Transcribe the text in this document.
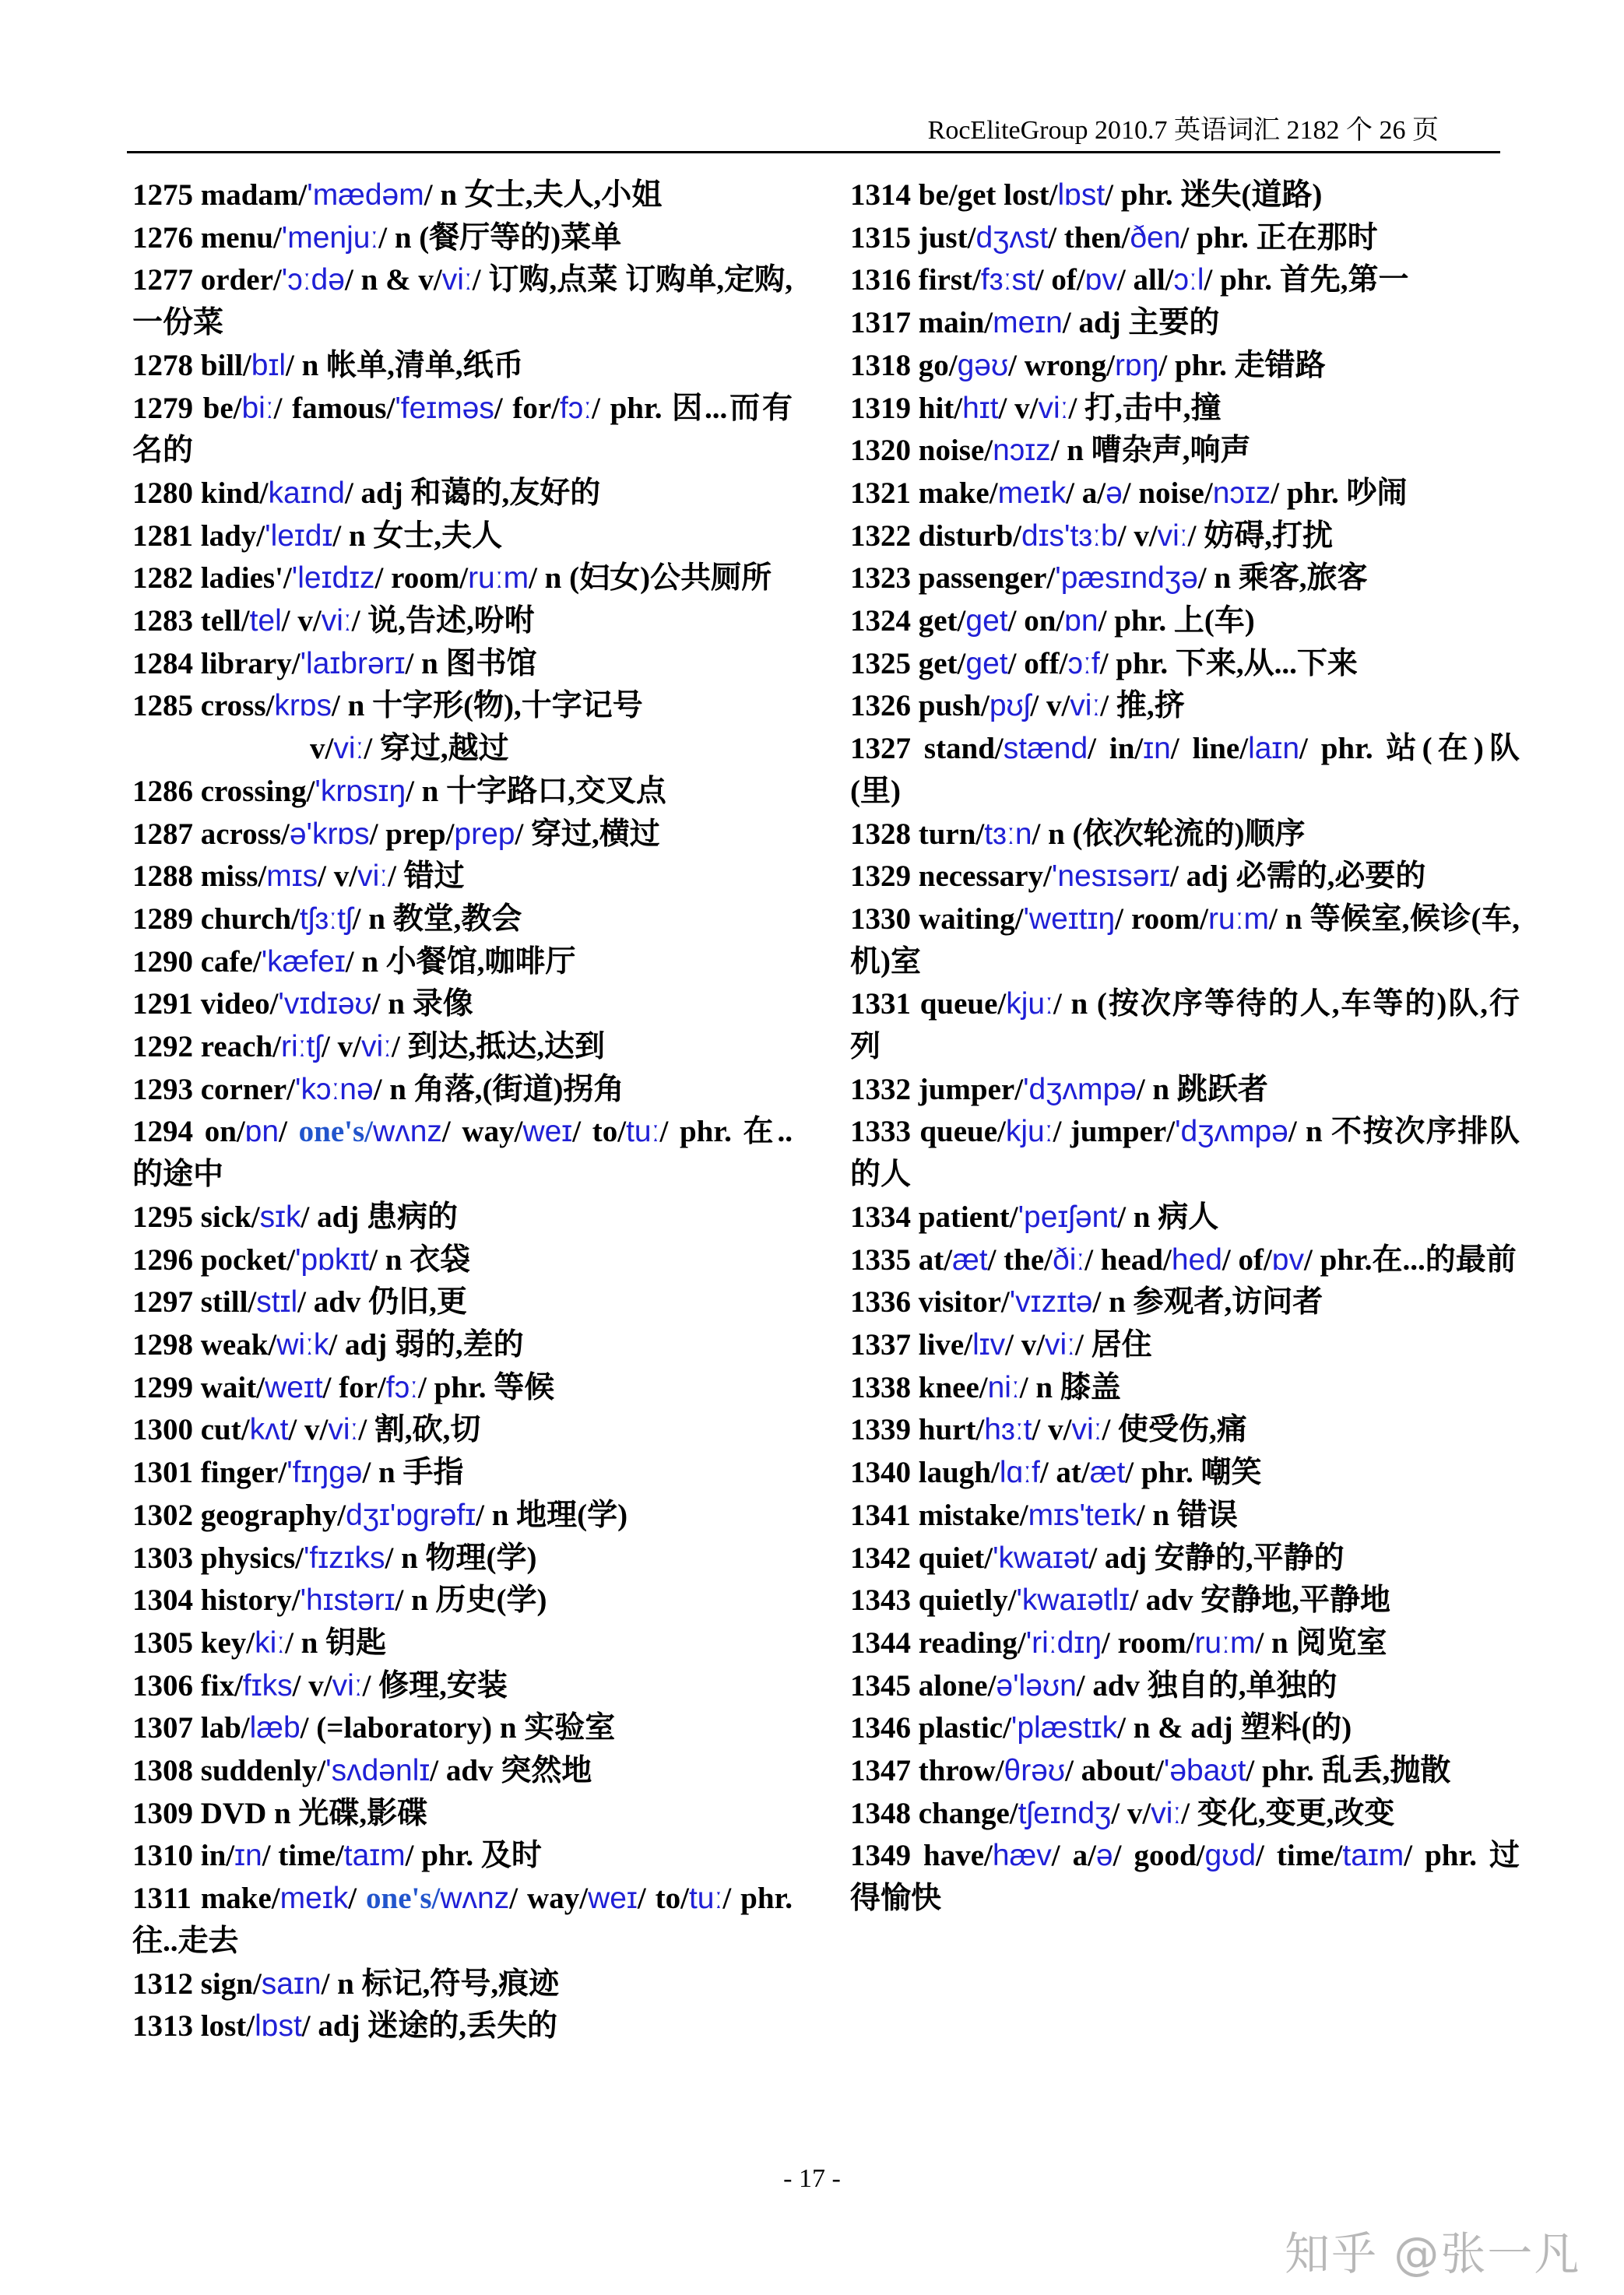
RocEliteGroup 2010.7 英语词汇 2182 个 26 页
1275 madam/'mædəm/ n 女士,夫人,小姐
1276 menu/'menjuː/ n (餐厅等的)菜单
1277 order/'ɔːdə/ n & v/viː/ 订购,点菜 订购单,定购,一份菜
1278 bill/bɪl/ n 帐单,清单,纸币
1279 be/biː/ famous/'feɪməs/ for/fɔː/ phr. 因...而有名的
1280 kind/kaɪnd/ adj 和蔼的,友好的
1281 lady/'leɪdɪ/ n 女士,夫人
1282 ladies'/'leɪdɪz/ room/ruːm/ n (妇女)公共厕所
1283 tell/tel/ v/viː/ 说,告述,吩咐
1284 library/'laɪbrərɪ/ n 图书馆
1285 cross/krɒs/ n 十字形(物),十字记号
v/viː/ 穿过,越过
1286 crossing/'krɒsɪŋ/ n 十字路口,交叉点
1287 across/ə'krɒs/ prep/prep/ 穿过,横过
1288 miss/mɪs/ v/viː/ 错过
1289 church/tʃɜːtʃ/ n 教堂,教会
1290 cafe/'kæfeɪ/ n 小餐馆,咖啡厅
1291 video/'vɪdɪəʊ/ n 录像
1292 reach/riːtʃ/ v/viː/ 到达,抵达,达到
1293 corner/'kɔːnə/ n 角落,(街道)拐角
1294 on/ɒn/ one's/wʌnz/ way/weɪ/ to/tuː/ phr. 在..的途中
1295 sick/sɪk/ adj 患病的
1296 pocket/'pɒkɪt/ n 衣袋
1297 still/stɪl/ adv 仍旧,更
1298 weak/wiːk/ adj 弱的,差的
1299 wait/weɪt/ for/fɔː/ phr. 等候
1300 cut/kʌt/ v/viː/ 割,砍,切
1301 finger/'fɪŋgə/ n 手指
1302 geography/dʒɪ'ɒgrəfɪ/ n 地理(学)
1303 physics/'fɪzɪks/ n 物理(学)
1304 history/'hɪstərɪ/ n 历史(学)
1305 key/kiː/ n 钥匙
1306 fix/fɪks/ v/viː/ 修理,安装
1307 lab/læb/ (=laboratory) n 实验室
1308 suddenly/'sʌdənlɪ/ adv 突然地
1309 DVD n 光碟,影碟
1310 in/ɪn/ time/taɪm/ phr. 及时
1311 make/meɪk/ one's/wʌnz/ way/weɪ/ to/tuː/ phr. 往..走去
1312 sign/saɪn/ n 标记,符号,痕迹
1313 lost/lɒst/ adj 迷途的,丢失的
1314 be/get lost/lɒst/ phr. 迷失(道路)
1315 just/dʒʌst/ then/ðen/ phr. 正在那时
1316 first/fɜːst/ of/ɒv/ all/ɔːl/ phr. 首先,第一
1317 main/meɪn/ adj 主要的
1318 go/gəʊ/ wrong/rɒŋ/ phr. 走错路
1319 hit/hɪt/ v/viː/ 打,击中,撞
1320 noise/nɔɪz/ n 嘈杂声,响声
1321 make/meɪk/ a/ə/ noise/nɔɪz/ phr. 吵闹
1322 disturb/dɪs'tɜːb/ v/viː/ 妨碍,打扰
1323 passenger/'pæsɪndʒə/ n 乘客,旅客
1324 get/get/ on/ɒn/ phr. 上(车)
1325 get/get/ off/ɔːf/ phr. 下来,从...下来
1326 push/pʊʃ/ v/viː/ 推,挤
1327 stand/stænd/ in/ɪn/ line/laɪn/ phr. 站(在)队(里)
1328 turn/tɜːn/ n (依次轮流的)顺序
1329 necessary/'nesɪsərɪ/ adj 必需的,必要的
1330 waiting/'weɪtɪŋ/ room/ruːm/ n 等候室,候诊(车,机)室
1331 queue/kjuː/ n (按次序等待的人,车等的)队,行列
1332 jumper/'dʒʌmpə/ n 跳跃者
1333 queue/kjuː/ jumper/'dʒʌmpə/ n 不按次序排队的人
1334 patient/'peɪʃənt/ n 病人
1335 at/æt/ the/ðiː/ head/hed/ of/ɒv/ phr.在...的最前
1336 visitor/'vɪzɪtə/ n 参观者,访问者
1337 live/lɪv/ v/viː/ 居住
1338 knee/niː/ n 膝盖
1339 hurt/hɜːt/ v/viː/ 使受伤,痛
1340 laugh/lɑːf/ at/æt/ phr. 嘲笑
1341 mistake/mɪs'teɪk/ n 错误
1342 quiet/'kwaɪət/ adj 安静的,平静的
1343 quietly/'kwaɪətlɪ/ adv 安静地,平静地
1344 reading/'riːdɪŋ/ room/ruːm/ n 阅览室
1345 alone/ə'ləʊn/ adv 独自的,单独的
1346 plastic/'plæstɪk/ n & adj 塑料(的)
1347 throw/θrəʊ/ about/'əbaʊt/ phr. 乱丢,抛散
1348 change/tʃeɪndʒ/ v/viː/ 变化,变更,改变
1349 have/hæv/ a/ə/ good/gʊd/ time/taɪm/ phr. 过得愉快
- 17 -
知乎 @张一凡
